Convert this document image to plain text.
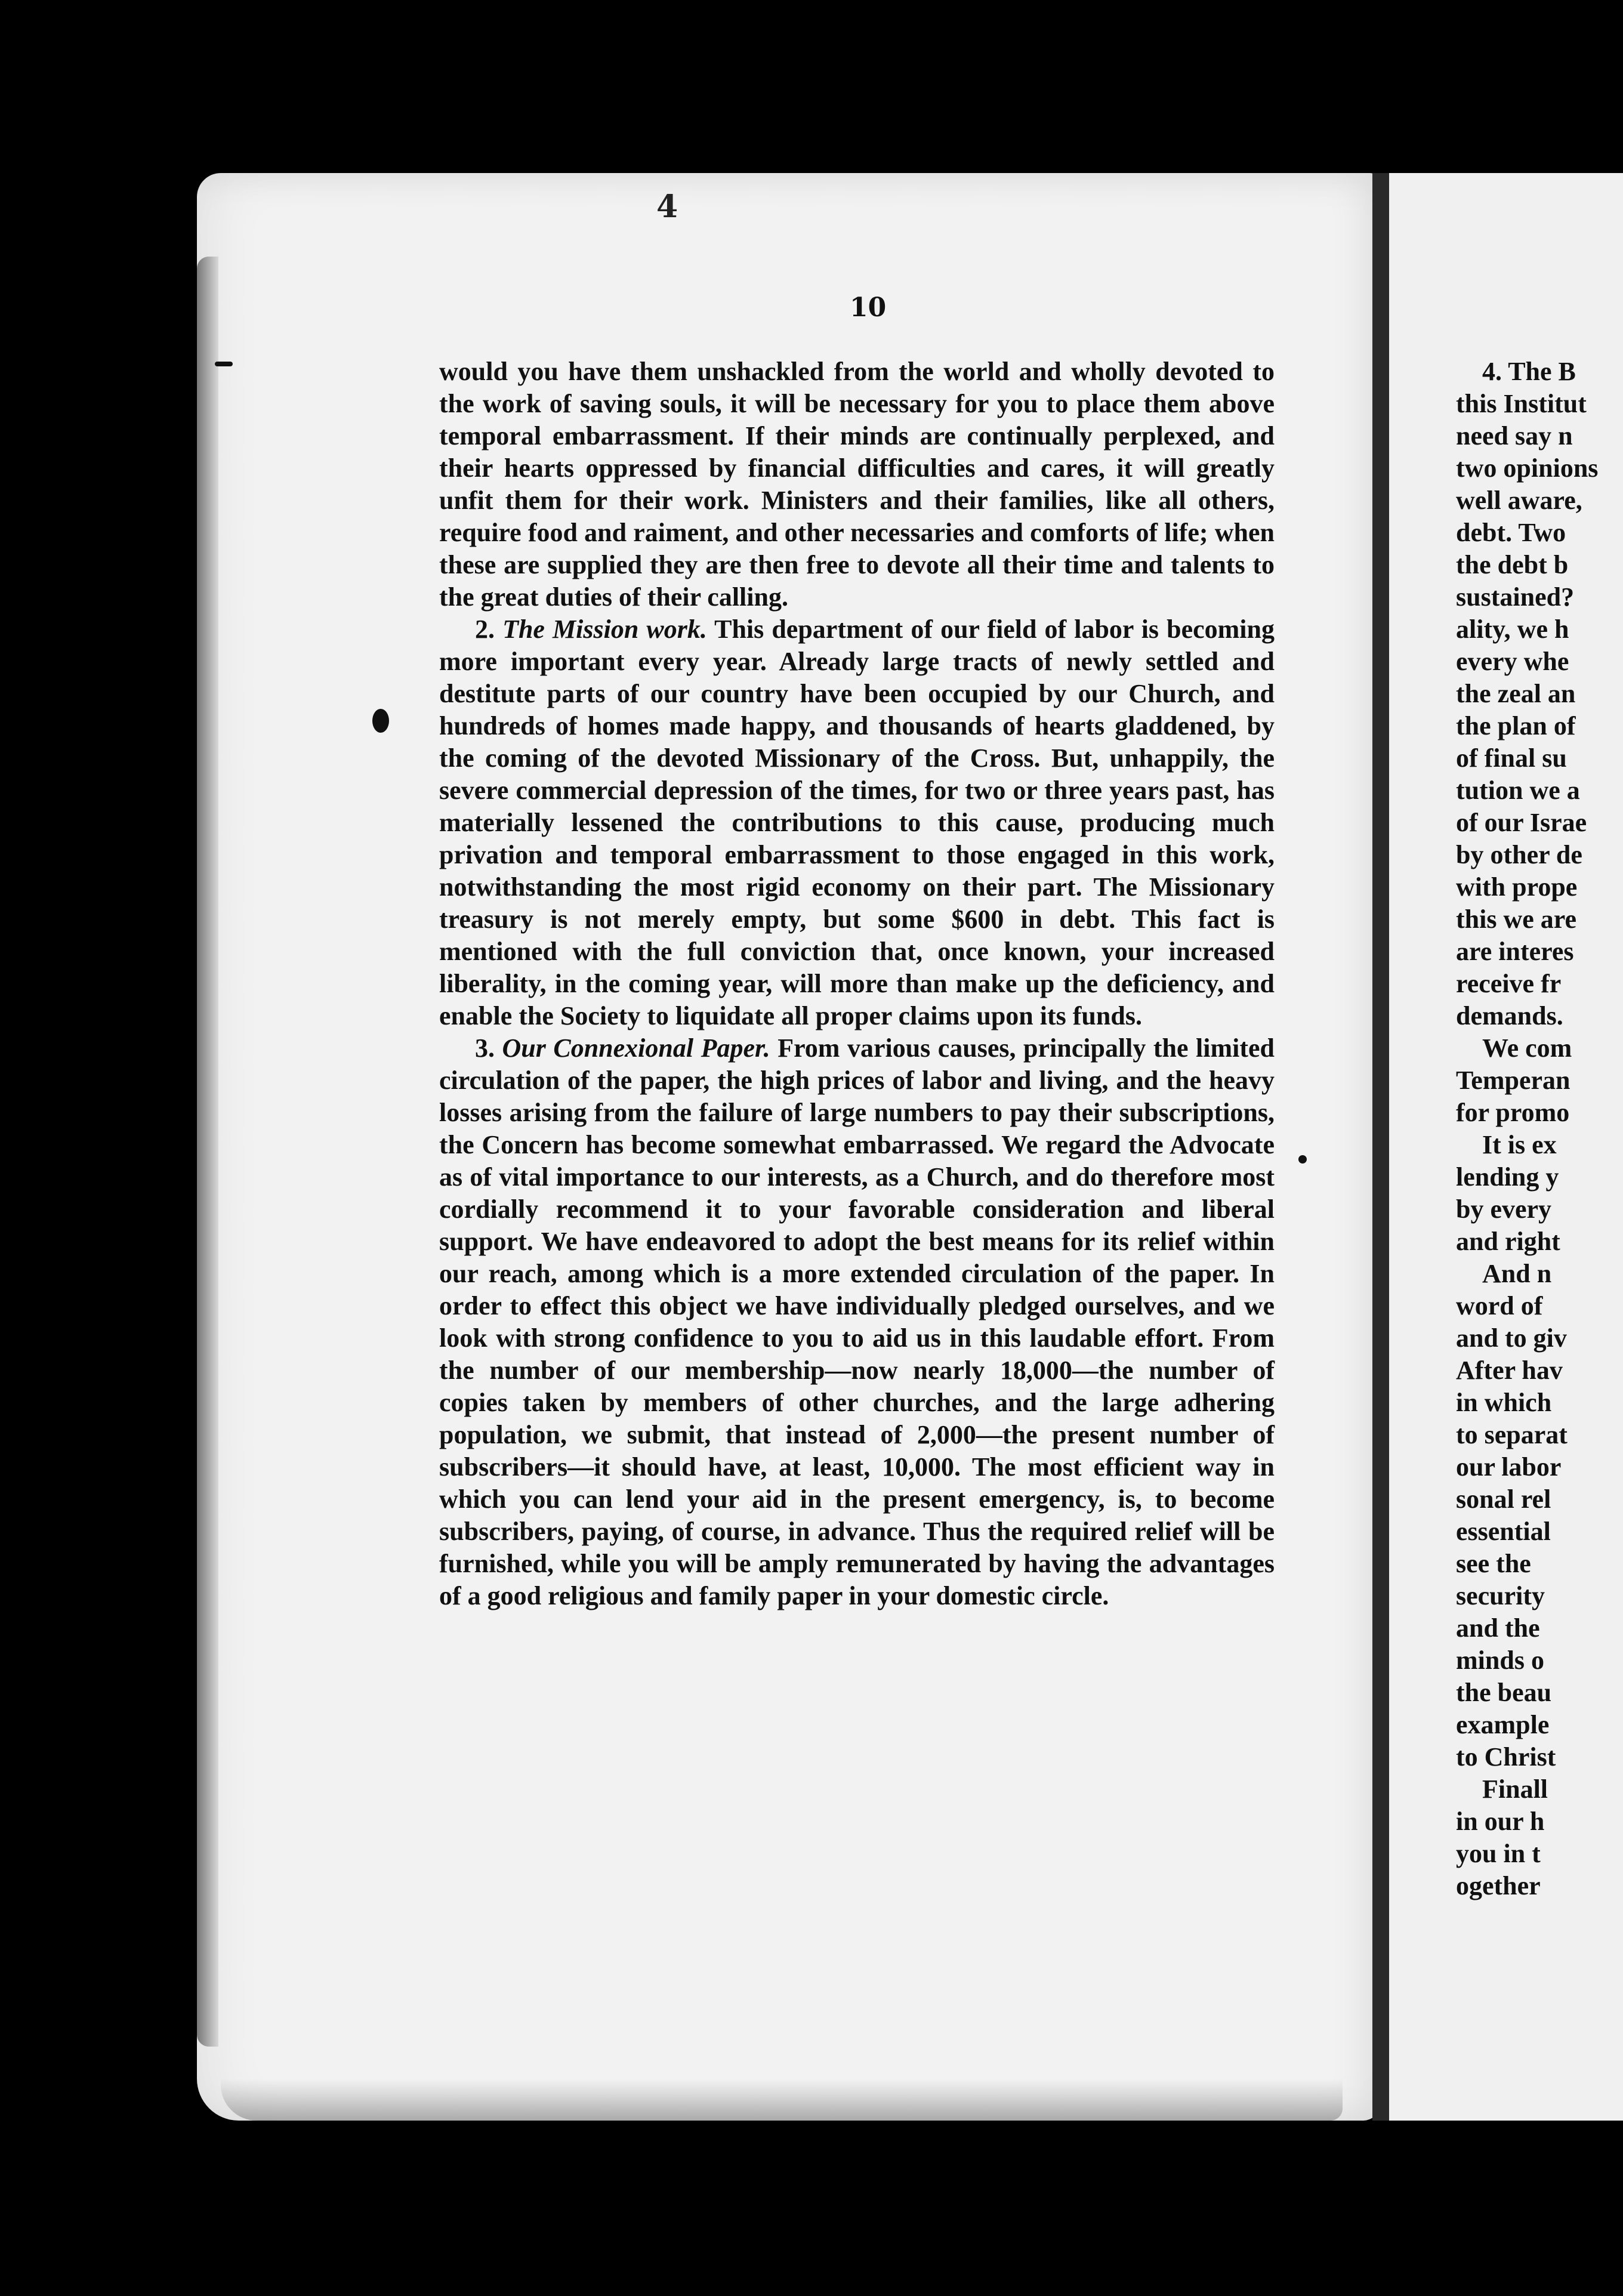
4
10

would you have them unshackled from the world and wholly devoted to the work of saving souls, it will be necessary for you to place them above temporal embarrassment. If their minds are continually perplexed, and their hearts oppressed by financial difficulties and cares, it will greatly unfit them for their work. Ministers and their families, like all others, require food and raiment, and other necessaries and comforts of life; when these are supplied they are then free to devote all their time and talents to the great duties of their calling.

2. The Mission work. This department of our field of labor is becoming more important every year. Already large tracts of newly settled and destitute parts of our country have been occupied by our Church, and hundreds of homes made happy, and thousands of hearts gladdened, by the coming of the devoted Missionary of the Cross. But, unhappily, the severe commercial depression of the times, for two or three years past, has materially lessened the contributions to this cause, producing much privation and temporal embarrassment to those engaged in this work, notwithstanding the most rigid economy on their part. The Missionary treasury is not merely empty, but some $600 in debt. This fact is mentioned with the full conviction that, once known, your increased liberality, in the coming year, will more than make up the deficiency, and enable the Society to liquidate all proper claims upon its funds.

3. Our Connexional Paper. From various causes, principally the limited circulation of the paper, the high prices of labor and living, and the heavy losses arising from the failure of large numbers to pay their subscriptions, the Concern has become somewhat embarrassed. We regard the Advocate as of vital importance to our interests, as a Church, and do therefore most cordially recommend it to your favorable consideration and liberal support. We have endeavored to adopt the best means for its relief within our reach, among which is a more extended circulation of the paper. In order to effect this object we have individually pledged ourselves, and we look with strong confidence to you to aid us in this laudable effort. From the number of our membership—now nearly 18,000—the number of copies taken by members of other churches, and the large adhering population, we submit, that instead of 2,000—the present number of subscribers—it should have, at least, 10,000. The most efficient way in which you can lend your aid in the present emergency, is, to become subscribers, paying, of course, in advance. Thus the required relief will be furnished, while you will be amply remunerated by having the advantages of a good religious and family paper in your domestic circle.

4. The B
this Institut
need say n
two opinions
well aware,
debt. Two
the debt b
sustained?
ality, we h
every whe
the zeal an
the plan of
of final su
tution we a
of our Israe
by other de
with prope
this we are
are interes
receive fr
demands.
We com
Temperan
for promo
It is ex
lending y
by every
and right
And n
word of
and to giv
After hav
in which
to separat
our labor
sonal rel
essential
see the
security
and the
minds o
the beau
example
to Christ
Finall
in our h
you in t
ogether
